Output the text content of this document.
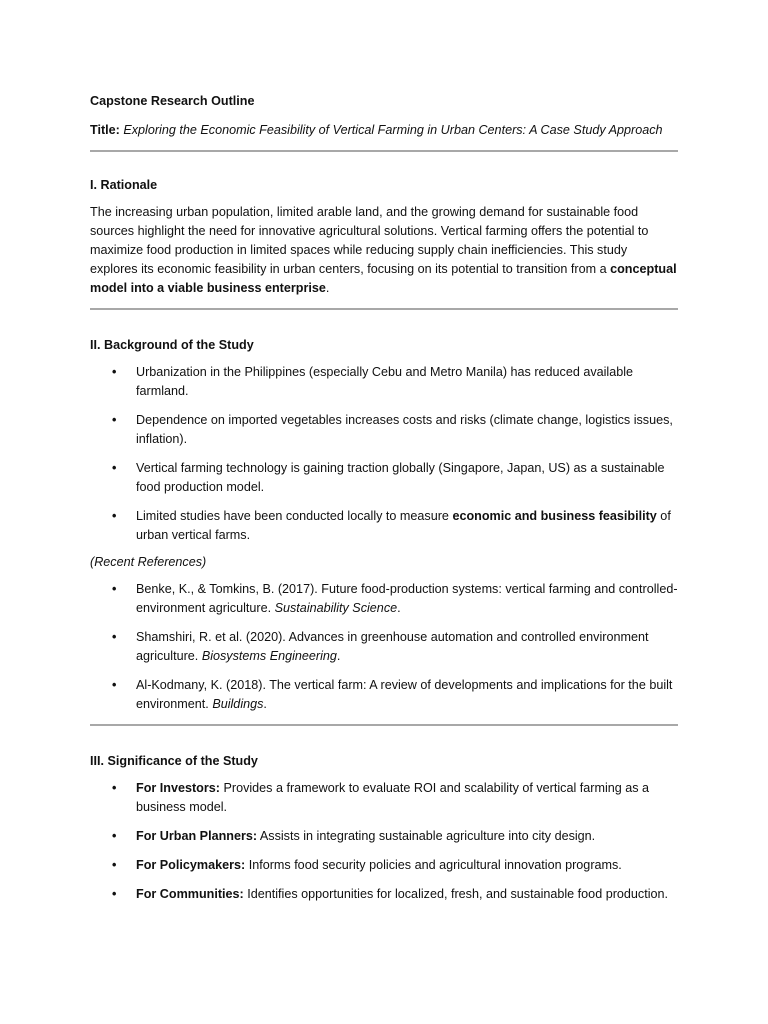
Capstone Research Outline

Title: Exploring the Economic Feasibility of Vertical Farming in Urban Centers: A Case Study Approach

I. Rationale

The increasing urban population, limited arable land, and the growing demand for sustainable food sources highlight the need for innovative agricultural solutions. Vertical farming offers the potential to maximize food production in limited spaces while reducing supply chain inefficiencies. This study explores its economic feasibility in urban centers, focusing on its potential to transition from a conceptual model into a viable business enterprise.

II. Background of the Study

• Urbanization in the Philippines (especially Cebu and Metro Manila) has reduced available farmland.
• Dependence on imported vegetables increases costs and risks (climate change, logistics issues, inflation).
• Vertical farming technology is gaining traction globally (Singapore, Japan, US) as a sustainable food production model.
• Limited studies have been conducted locally to measure economic and business feasibility of urban vertical farms.

(Recent References)

• Benke, K., & Tomkins, B. (2017). Future food-production systems: vertical farming and controlled-environment agriculture. Sustainability Science.
• Shamshiri, R. et al. (2020). Advances in greenhouse automation and controlled environment agriculture. Biosystems Engineering.
• Al-Kodmany, K. (2018). The vertical farm: A review of developments and implications for the built environment. Buildings.

III. Significance of the Study

• For Investors: Provides a framework to evaluate ROI and scalability of vertical farming as a business model.
• For Urban Planners: Assists in integrating sustainable agriculture into city design.
• For Policymakers: Informs food security policies and agricultural innovation programs.
• For Communities: Identifies opportunities for localized, fresh, and sustainable food production.
